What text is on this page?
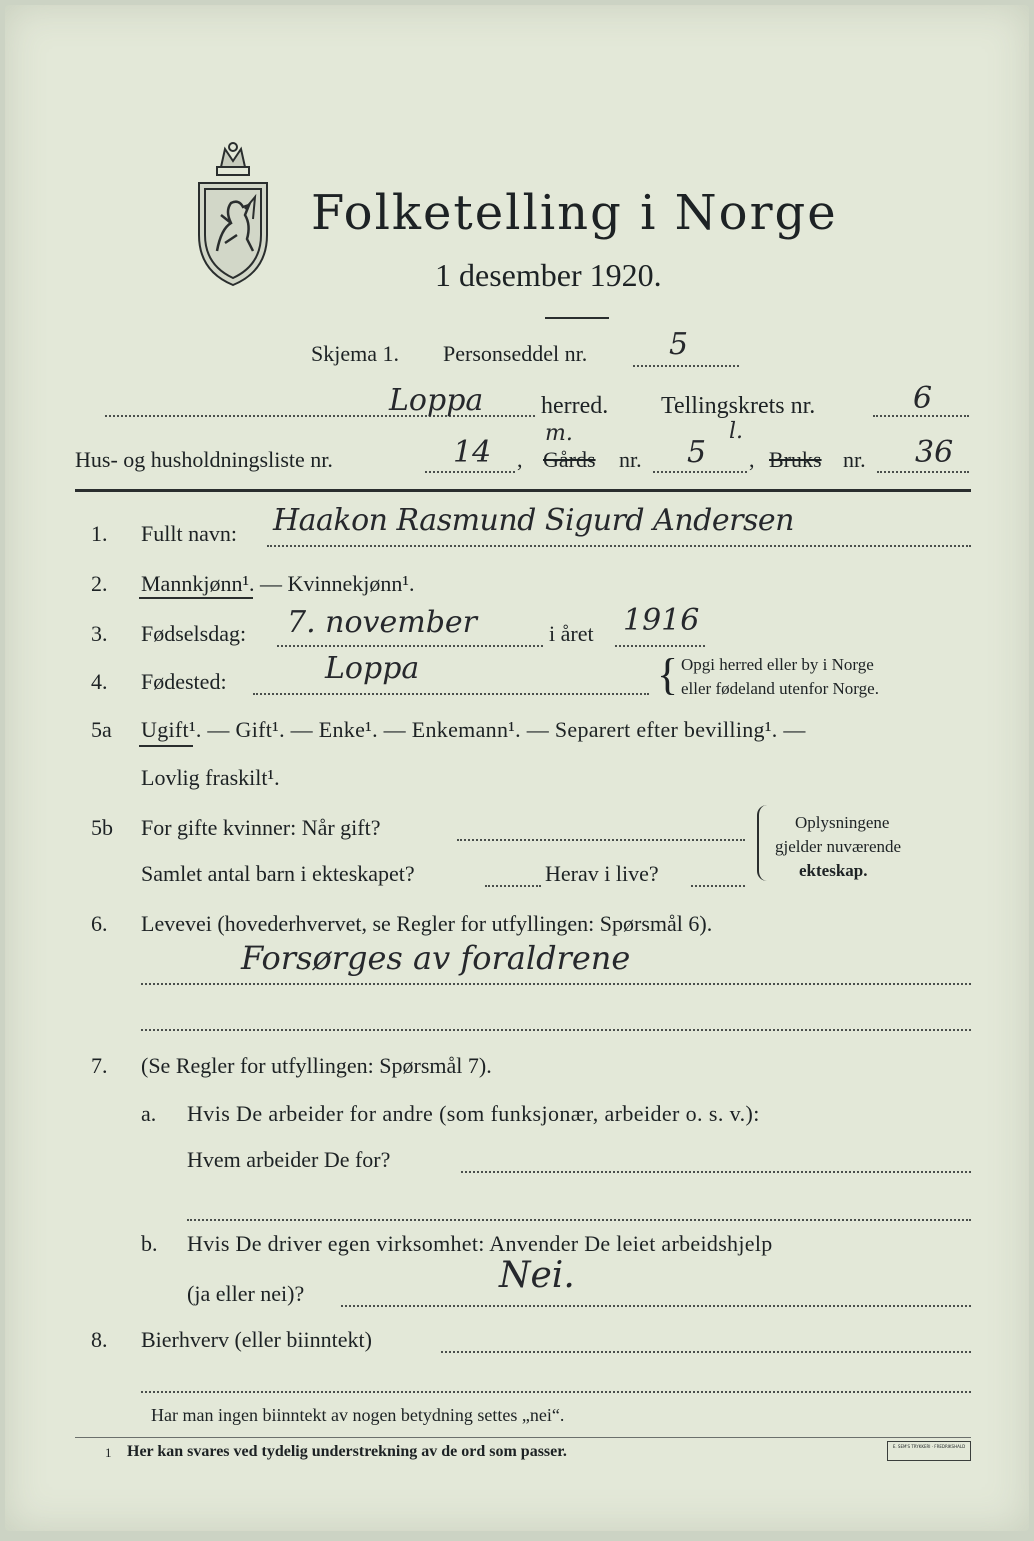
Folketelling i Norge
1 desember 1920.
Skjema 1. Personseddel nr.	5
Loppa herred. Tellingskrets nr.	6
m.
Hus- og husholdningsliste nr.	14 , Gårds nr. 5
l.
, Bruks nr. 36
1. Fullt navn: Haakon Rasmund Sigurd Andersen
2. Mannkjønn¹. — Kvinnekjønn¹.
3. Fødselsdag: 7. november	i året 1916
4. Fødested:	Loppa	{ Opgi herred eller by i Norge
eller fødeland utenfor Norge.
5a Ugift¹. — Gift¹. — Enke¹. — Enkemann¹. — Separert efter bevilling¹. —
Lovlig fraskilt¹.
5b For gifte kvinner: Når gift?
Samlet antal barn i ekteskapet?	Herav i live?
Oplysningene
gjelder nuværende
ekteskap.
6. Levevei (hovederhvervet, se Regler for utfyllingen: Spørsmål 6).
Forsørges av foraldrene
7. (Se Regler for utfyllingen: Spørsmål 7).
a. Hvis De arbeider for andre (som funksjonær, arbeider o. s. v.):
Hvem arbeider De for?
b. Hvis De driver egen virksomhet: Anvender De leiet arbeidshjelp
(ja eller nei)?	Nei.
8. Bierhverv (eller biinntekt)
Har man ingen biinntekt av nogen betydning settes „nei“.
1 Her kan svares ved tydelig understrekning av de ord som passer.	E. SEM'S TRYKKERI · FREDRIKSHALD
